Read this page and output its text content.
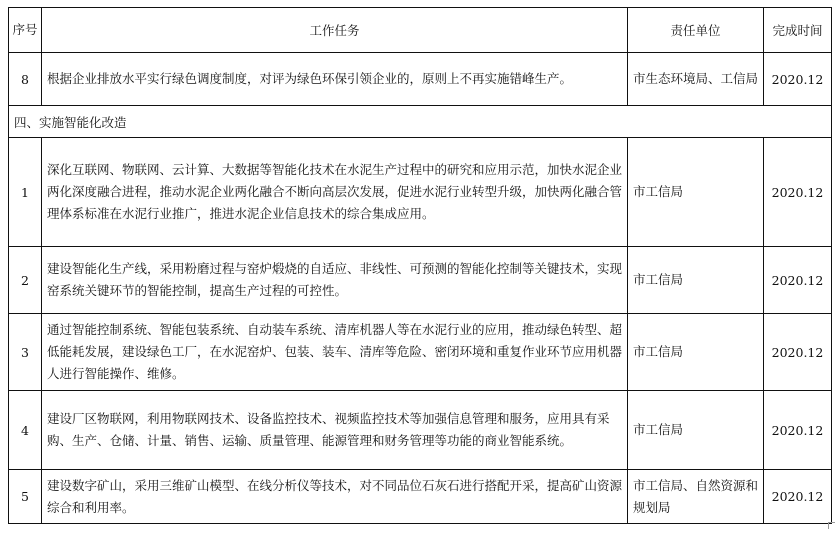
序号	工作任务	责任单位	完成时间
8	根据企业排放水平实行绿色调度制度，对评为绿色环保引领企业的，原则上不再实施错峰生产。	市生态环境局、工信局	2020.12
四、实施智能化改造			
1	深化互联网、物联网、云计算、大数据等智能化技术在水泥生产过程中的研究和应用示范，加快水泥企业两化深度融合进程，推动水泥企业两化融合不断向高层次发展，促进水泥行业转型升级，加快两化融合管理体系标准在水泥行业推广，推进水泥企业信息技术的综合集成应用。	市工信局	2020.12
2	建设智能化生产线，采用粉磨过程与窑炉煅烧的自适应、非线性、可预测的智能化控制等关键技术，实现窑系统关键环节的智能控制，提高生产过程的可控性。	市工信局	2020.12
3	通过智能控制系统、智能包装系统、自动装车系统、清库机器人等在水泥行业的应用，推动绿色转型、超低能耗发展，建设绿色工厂，在水泥窑炉、包装、装车、清库等危险、密闭环境和重复作业环节应用机器人进行智能操作、维修。	市工信局	2020.12
4	建设厂区物联网，利用物联网技术、设备监控技术、视频监控技术等加强信息管理和服务，应用具有采购、生产、仓储、计量、销售、运输、质量管理、能源管理和财务管理等功能的商业智能系统。	市工信局	2020.12
5	建设数字矿山，采用三维矿山模型、在线分析仪等技术，对不同品位石灰石进行搭配开采，提高矿山资源综合和利用率。	市工信局、自然资源和规划局	2020.12
